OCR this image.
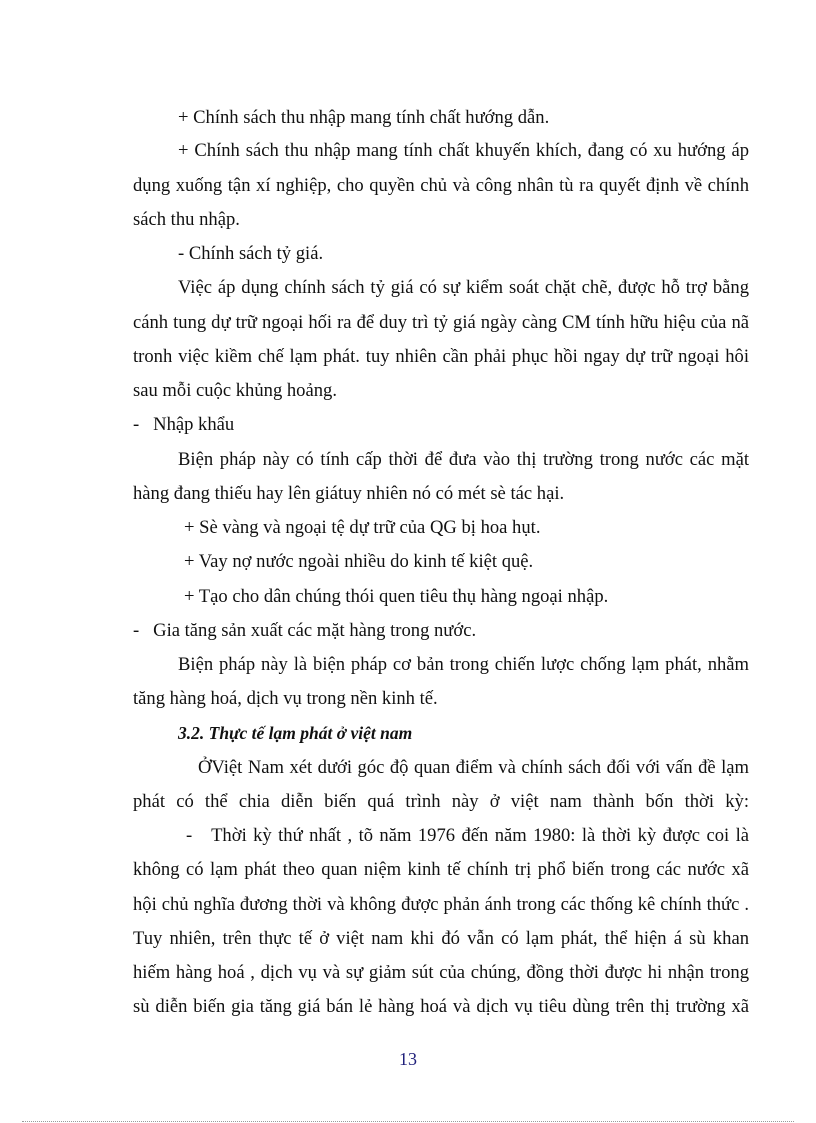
+ Chính sách thu nhập mang tính chất hướng dẫn.
+ Chính sách thu nhập mang tính chất khuyến khích, đang có xu hướng áp
dụng xuống tận xí nghiệp, cho quyền chủ và công nhân tù ra quyết định về chính
sách thu nhập.
- Chính sách tỷ giá.
Việc áp dụng chính sách tỷ giá có sự kiểm soát chặt chẽ, được hỗ trợ bằng
cánh tung dự trữ ngoại hối ra để duy trì tỷ giá ngày càng CM tính hữu hiệu của nã
tronh việc kiềm chế lạm phát. tuy nhiên cần phải phục hồi ngay dự trữ ngoại hôi
sau mỗi cuộc khủng hoảng.
-   Nhập khẩu
Biện pháp này có tính cấp thời để đưa vào thị trường trong nước các mặt
hàng đang thiếu hay lên giátuy nhiên nó có mét sè tác hại.
+ Sè vàng và ngoại tệ dự trữ của QG bị hoa hụt.
+ Vay nợ nước ngoài nhiều do kinh tế kiệt quệ.
+ Tạo cho dân chúng thói quen tiêu thụ hàng ngoại nhập.
-   Gia tăng sản xuất các mặt hàng trong nước.
Biện pháp này là biện pháp cơ bản trong chiến lược chống lạm phát, nhằm
tăng hàng hoá, dịch vụ trong nền kinh tế.
3.2. Thực tế lạm phát ở việt nam
ỞViệt Nam xét dưới góc độ quan điểm và chính sách đối với vấn đề lạm
phát có thể chia diễn biến quá trình này ở việt nam thành bốn thời kỳ:
-   Thời kỳ thứ nhất , tõ năm 1976 đến năm 1980: là thời kỳ được coi là
không có lạm phát theo quan niệm kinh tế chính trị phổ biến trong các nước xã
hội chủ nghĩa đương thời và không được phản ánh trong các thống kê chính thức .
Tuy nhiên, trên thực tế ở việt nam khi đó vẫn có lạm phát, thể hiện á sù khan
hiếm hàng hoá , dịch vụ và sự giảm sút của chúng, đồng thời được hi nhận trong
sù diễn biến gia tăng giá bán lẻ hàng hoá và dịch vụ tiêu dùng trên thị trường xã
13
